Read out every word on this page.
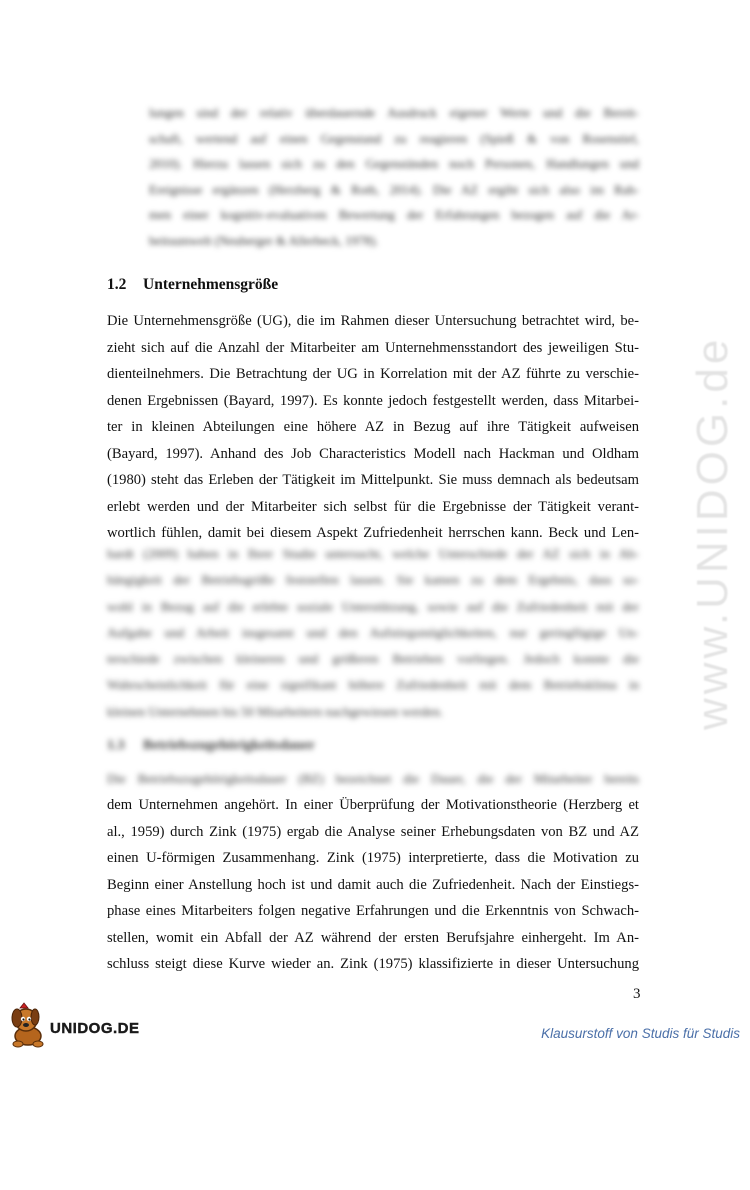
lungen sind der relativ überdauernde Ausdruck eigener Werte und die Bereit-
schaft, wertend auf einen Gegenstand zu reagieren (Spieß & von Rosenstiel,
2010). Hierzu lassen sich zu den Gegenständen noch Personen, Handlungen und
Ereignisse ergänzen (Herzberg & Roth, 2014). Die AZ ergibt sich also im Rah-
men einer kognitiv-evaluativen Bewertung der Erfahrungen bezogen auf die Ar-
beitsumwelt (Neuberger & Allerbeck, 1978).
1.2 Unternehmensgröße
Die Unternehmensgröße (UG), die im Rahmen dieser Untersuchung betrachtet wird, be-
zieht sich auf die Anzahl der Mitarbeiter am Unternehmensstandort des jeweiligen Stu-
dienteilnehmers. Die Betrachtung der UG in Korrelation mit der AZ führte zu verschie-
denen Ergebnissen (Bayard, 1997). Es konnte jedoch festgestellt werden, dass Mitarbei-
ter in kleinen Abteilungen eine höhere AZ in Bezug auf ihre Tätigkeit aufweisen
(Bayard, 1997). Anhand des Job Characteristics Modell nach Hackman und Oldham
(1980) steht das Erleben der Tätigkeit im Mittelpunkt. Sie muss demnach als bedeutsam
erlebt werden und der Mitarbeiter sich selbst für die Ergebnisse der Tätigkeit verant-
wortlich fühlen, damit bei diesem Aspekt Zufriedenheit herrschen kann. Beck und Len-
hardt (2009) haben in Ihrer Studie untersucht, welche Unterschiede der AZ sich in Ab-
hängigkeit der Betriebsgröße feststellen lassen. Sie kamen zu dem Ergebnis, dass so-
wohl in Bezug auf die erlebte soziale Unterstützung, sowie auf die Zufriedenheit mit der
Aufgabe und Arbeit insgesamt und den Aufstiegsmöglichkeiten, nur geringfügige Un-
terschiede zwischen kleineren und größeren Betrieben vorliegen. Jedoch konnte die
Wahrscheinlichkeit für eine signifikant höhere Zufriedenheit mit dem Betriebsklima in
kleinen Unternehmen bis 50 Mitarbeitern nachgewiesen werden.
1.3 Betriebszugehörigkeitsdauer
Die Betriebszugehörigkeitsdauer (BZ) bezeichnet die Dauer, die der Mitarbeiter bereits
dem Unternehmen angehört. In einer Überprüfung der Motivationstheorie (Herzberg et
al., 1959) durch Zink (1975) ergab die Analyse seiner Erhebungsdaten von BZ und AZ
einen U-förmigen Zusammenhang. Zink (1975) interpretierte, dass die Motivation zu
Beginn einer Anstellung hoch ist und damit auch die Zufriedenheit. Nach der Einstiegs-
phase eines Mitarbeiters folgen negative Erfahrungen und die Erkenntnis von Schwach-
stellen, womit ein Abfall der AZ während der ersten Berufsjahre einhergeht. Im An-
schluss steigt diese Kurve wieder an. Zink (1975) klassifizierte in dieser Untersuchung
3
www.UNIDOG.de
UNIDOG.DE	Klausurstoff von Studis für Studis
